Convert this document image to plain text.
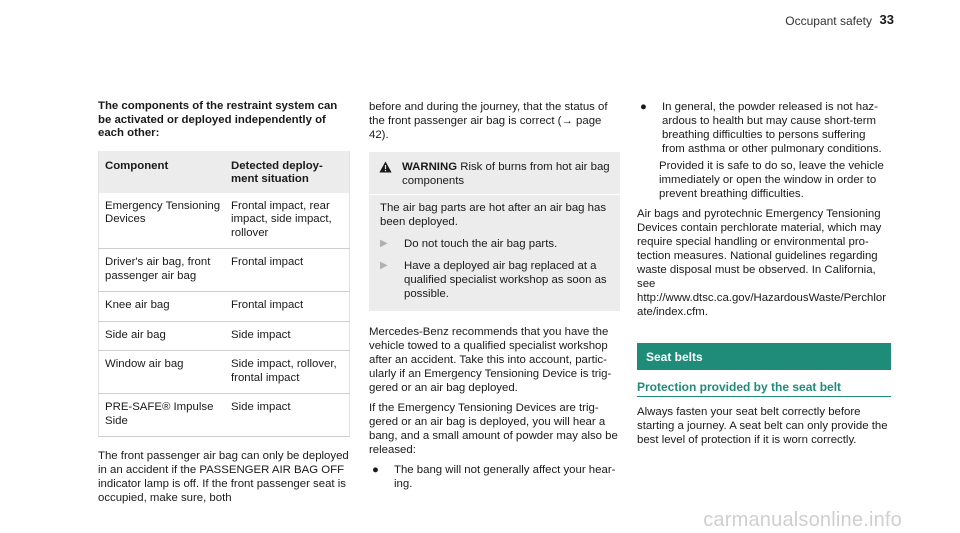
Occupant safety 33

The components of the restraint system can be activated or deployed independently of each other:

Component	Detected deployment situation
Emergency Tensioning Devices	Frontal impact, rear impact, side impact, rollover
Driver's air bag, front passenger air bag	Frontal impact
Knee air bag	Frontal impact
Side air bag	Side impact
Window air bag	Side impact, rollover, frontal impact
PRE-SAFE® Impulse Side	Side impact

The front passenger air bag can only be deployed in an accident if the PASSENGER AIR BAG OFF indicator lamp is off. If the front passenger seat is occupied, make sure, both

before and during the journey, that the status of the front passenger air bag is correct (→ page 42).

WARNING Risk of burns from hot air bag components
The air bag parts are hot after an air bag has been deployed.
▶	Do not touch the air bag parts.
▶	Have a deployed air bag replaced at a qualified specialist workshop as soon as possible.

Mercedes-Benz recommends that you have the vehicle towed to a qualified specialist workshop after an accident. Take this into account, particularly if an Emergency Tensioning Device is triggered or an air bag deployed.

If the Emergency Tensioning Devices are triggered or an air bag is deployed, you will hear a bang, and a small amount of powder may also be released:

●	The bang will not generally affect your hearing.
●	In general, the powder released is not hazardous to health but may cause short-term breathing difficulties to persons suffering from asthma or other pulmonary conditions.

Provided it is safe to do so, leave the vehicle immediately or open the window in order to prevent breathing difficulties.

Air bags and pyrotechnic Emergency Tensioning Devices contain perchlorate material, which may require special handling or environmental protection measures. National guidelines regarding waste disposal must be observed. In California, see http://www.dtsc.ca.gov/HazardousWaste/Perchlorate/index.cfm.

Seat belts
Protection provided by the seat belt

Always fasten your seat belt correctly before starting a journey. A seat belt can only provide the best level of protection if it is worn correctly.

carmanualsonline.info
